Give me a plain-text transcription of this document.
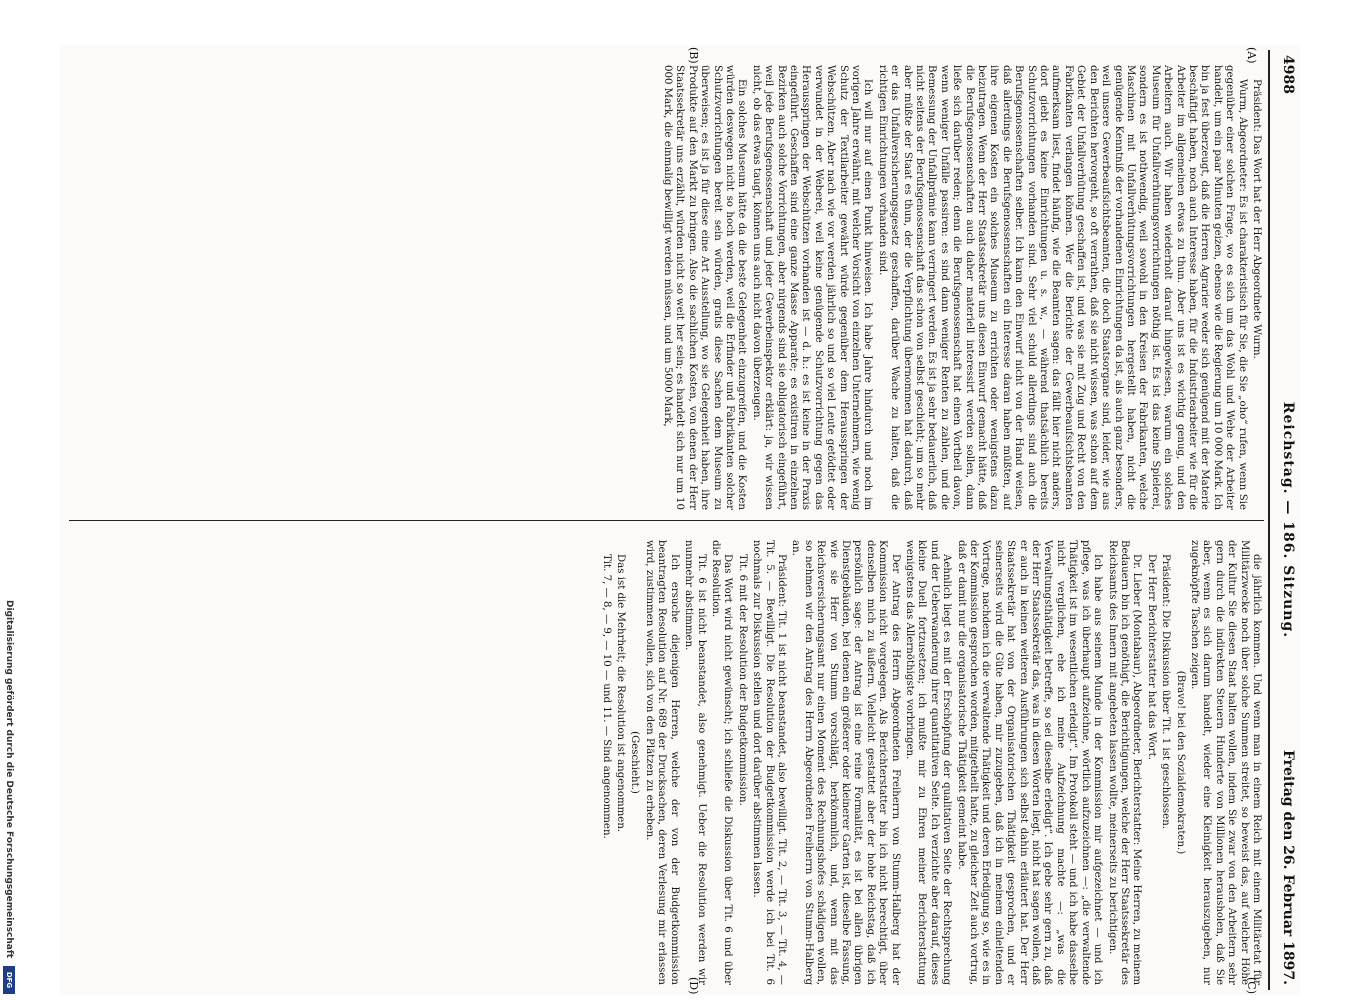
Digitalisierung gefördert durch die Deutsche Forschungsgemeinschaft
DFG
4988
Reichstag. — 186. Sitzung.
Freitag den 26. Februar 1897.
(A)
(B)
(C)
(D)

Präsident: Das Wort hat der Herr Abgeordnete Wurm.

Wurm, Abgeordneter: Es ist charakteristisch für Sie, die Sie „oho“ rufen, wenn Sie gegenüber einer solchen Frage, wo es sich um das Wohl und Wehe der Arbeiter handelt, um ein paar Minuten geizen, ebenso wie die Regierung um 10 000 Mark. Ich bin ja fest überzeugt, daß die Herren Agrarier weder sich genügend mit der Materie beschäftigt haben, noch auch Interesse haben, für die Industriearbeiter wie für die Arbeiter im allgemeinen etwas zu thun. Aber uns ist es wichtig genug, und den Arbeitern auch. Wir haben wiederholt darauf hingewiesen, warum ein solches Museum für Unfallverhütungsvorrichtungen nöthig ist. Es ist das keine Spielerei, sondern es ist nothwendig, weil sowohl in den Kreisen der Fabrikanten, welche Maschinen mit Unfallverhütungsvorrichtungen hergestellt haben, nicht die genügende Kenntniß der vorhandenen Einrichtungen da ist, als auch ganz besonders, weil unsere Gewerbeaufsichtsbeamten, die doch Staatsorgane sind, leider, wie aus den Berichten hervorgeht, so oft verrathen, daß sie nicht wissen, was schon auf dem Gebiet der Unfallverhütung geschaffen ist, und was sie mit Zug und Recht von den Fabrikanten verlangen können. Wer die Berichte der Gewerbeaufsichtsbeamten aufmerksam liest, findet häufig, wie die Beamten sagen: das fällt hier nicht anders, dort giebt es keine Einrichtungen u. s. w., — während thatsächlich bereits Schutzvorrichtungen vorhanden sind. Sehr viel schuld allerdings sind auch die Berufsgenossenschaften selber. Ich kann den Einwurf nicht von der Hand weisen, daß allerdings die Berufsgenossenschaften ein Interesse daran haben müßten, auf ihre eigenen Kosten ein solches Museum zu errichten oder wenigstens dazu beizutragen. Wenn der Herr Staatssekretär uns diesen Einwurf gemacht hätte, daß die Berufsgenossenschaften auch daher materiell interessirt werden sollen, dann ließe sich darüber reden; denn die Berufsgenossenschaft hat einen Vortheil davon, wenn weniger Unfälle passiren: es sind dann weniger Renten zu zahlen, und die Bemessung der Unfallprämie kann verringert werden. Es ist ja sehr bedauerlich, daß nicht seitens der Berufsgenossenschaft das schon von selbst geschieht; um so mehr aber müßte der Staat es thun, der die Verpflichtung übernommen hat dadurch, daß er das Unfallversicherungsgesetz geschaffen, darüber Wache zu halten, daß die richtigen Einrichtungen vorhanden sind.

Ich will nur auf einen Punkt hinweisen. Ich habe Jahre hindurch und noch im vorigen Jahre erwähnt, mit welcher Vorsicht von einzelnen Unternehmern, wie wenig Schutz der Textilarbeiter gewährt würde gegenüber dem Herausspringen der Webschützen. Aber nach wie vor werden jährlich so und so viel Leute getödtet oder verwundet in der Weberei, weil keine genügende Schutzvorrichtung gegen das Herausspringen der Webschützen vorhanden ist — d. h.: es ist keine in der Praxis eingeführt. Geschaffen sind eine ganze Masse Apparate; es existiren in einzelnen Bezirken auch solche Vorrichtungen, aber nirgends sind sie obligatorisch eingeführt, weil jede Berufsgenossenschaft und jeder Gewerbeinspektor erklärt: ja, wir wissen nicht, ob das etwas taugt, können uns auch nicht davon überzeugen.

Ein solches Museum hätte da die beste Gelegenheit einzugreifen, und die Kosten würden deswegen nicht so hoch werden, weil die Erfinder und Fabrikanten solcher Schutzvorrichtungen bereit sein würden, gratis diese Sachen dem Museum zu überweisen; es ist ja für diese eine Art Ausstellung, wo sie Gelegenheit haben, ihre Produkte auf den Markt zu bringen. Also die sachlichen Kosten, von denen der Herr Staatssekretär uns erzählt, würden nicht so weit her sein; es handelt sich nur um 10 000 Mark, die einmalig bewilligt werden müssen, und um 5000 Mark,

die jährlich kommen. Und wenn man in einem Reich mit einem Militäretat für Militärzwecke noch über solche Summen streitet, so beweist das, auf welcher Höhe der Kultur Sie diesen Staat halten wollen, indem Sie zwar von den Arbeitern sehr gern durch die indirekten Steuern Hunderte von Millionen herausholen, daß Sie aber, wenn es sich darum handelt, wieder eine Kleinigkeit herauszugeben, nur zugeknöpfte Taschen zeigen.

(Bravo! bei den Sozialdemokraten.)

Präsident: Die Diskussion über Tit. 1 ist geschlossen.

Der Herr Berichterstatter hat das Wort.

Dr. Lieber (Montabaur), Abgeordneter, Berichterstatter: Meine Herren, zu meinem Bedauern bin ich genöthigt, die Berichtigungen, welche der Herr Staatssekretär des Reichsamts des Innern mit angebeten lassen wollte, meinerseits zu berichtigen.

Ich habe aus seinem Munde in der Kommission mir aufgezeichnet — und ich pflege, was ich überhaupt aufzeichne, wörtlich aufzuzeichnen —: „die verwaltende Thätigkeit ist im wesentlichen erledigt“. Im Protokoll steht — und ich habe dasselbe nicht verglichen, ehe ich meine Aufzeichnung machte —: „was die Verwaltungsthätigkeit betreffe, so sei dieselbe erledigt“. Ich gebe sehr gern zu, daß der Herr Staatssekretär das, was in diesen Worten liegt, nicht hat sagen wollen, daß er auch in keinen weiteren Ausführungen sich selbst dahin erläutert hat. Der Herr Staatssekretär hat von der Organisatorischen Thätigkeit gesprochen, und er seinerseits wird die Güte haben, mir zuzugeben, daß ich in meinem einleitenden Vortrage, nachdem ich die verwaltende Thätigkeit und deren Erledigung so, wie es in der Kommission gesprochen worden, mitgetheilt hatte, zu gleicher Zeit auch vortrug, daß er damit nur die organisatorische Thätigkeit gemeint habe.

Aehnlich liegt es mit der Erschöpfung der qualitativen Seite der Rechtsprechung und der Ueberwanderung ihrer quantitativen Seite. Ich verzichte aber darauf, dieses kleine Duell fortzusetzen; ich mußte mir zu Ehren meiner Berichterstattung wenigstens das Allernöthigste vorbringen.

Der Antrag des Herrn Abgeordneten Freiherrn von Stumm-Halberg hat der Kommission nicht vorgelegen. Als Berichterstatter bin ich nicht berechtigt, über denselben mich zu äußern. Vielleicht gestattet aber der hohe Reichstag, daß ich persönlich sage: der Antrag ist eine reine Formalität, es ist bei allen übrigen Dienstgebäuden, bei denen ein größerer oder kleinerer Garten ist, dieselbe Fassung, wie sie Herr von Stumm vorschlägt, herkömmlich, und, wenn mit das Reichsversicherungsamt nur einen Moment des Rechnungshofes schädigen wollen, so nehmen wir den Antrag des Herrn Abgeordneten Freiherrn von Stumm-Halberg an.

Präsident: Tit. 1 ist nicht beanstandet, also bewilligt. Tit. 2, — Tit. 3, — Tit. 4, — Tit. 5. — Bewilligt. Die Resolution der Budgetkommission werde ich bei Tit. 6 nochmals zur Diskussion stellen und dort darüber abstimmen lassen.

Tit. 6 mit der Resolution der Budgetkommission.

Das Wort wird nicht gewünscht; ich schließe die Diskussion über Tit. 6 und über die Resolution.

Tit. 6 ist nicht beanstandet, also genehmigt. Ueber die Resolution werden wir nunmehr abstimmen.

Ich ersuche diejenigen Herren, welche der von der Budgetkommission beantragten Resolution auf Nr. 689 der Drucksachen, deren Verlesung mir erlassen wird, zustimmen wollen, sich von den Plätzen zu erheben.

(Geschieht.)

Das ist die Mehrheit; die Resolution ist angenommen.

Tit. 7, — 8, — 9, — 10 — und 11. — Sind angenommen.
